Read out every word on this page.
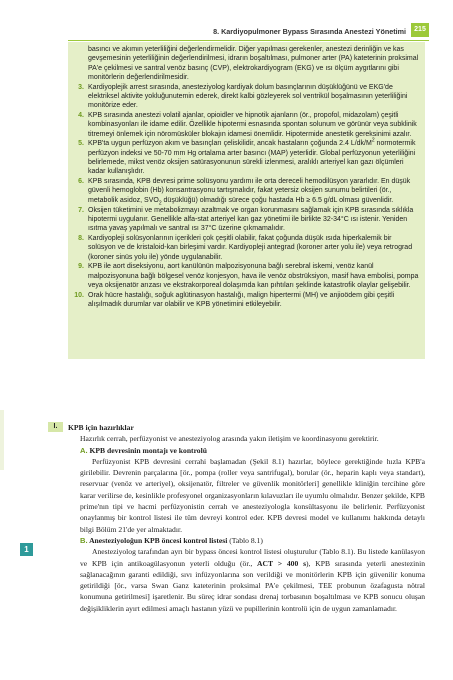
8. Kardiyopulmoner Bypass Sırasında Anestezi Yönetimi	215
basıncı ve akımın yeterliliğini değerlendirmelidir. Diğer yapılması gerekenler, anestezi derinliğin ve kas gevşemesinin yeterliliğinin değerlendirilmesi, idrarın boşaltılması, pulmoner arter (PA) kateterinin proksimal PA'e çekilmesi ve santral venöz basınç (CVP), elektrokardiyogram (EKG) ve ısı ölçüm aygıtlarını gibi monitörlerin değerlendirilmesidir.
3. Kardiyoplejik arrest sırasında, anesteziyolog kardiyak dolum basınçlarının düşüklüğünü ve EKG'de elektriksel aktivite yokluğunutemin ederek, direkt kalbi gözleyerek sol ventrikül boşalmasının yeterliliğini monitörize eder.
4. KPB sırasında anestezi volatil ajanlar, opioidler ve hipnotik ajanların (ör., propofol, midazolam) çeşitli kombinasyonları ile idame edilir. Özellikle hipotermi esnasında spontan solunum ve görünür veya subklinik titremeyi önlemek için nöromüsküler blokajın idamesi önemlidir. Hipotermide anestetik gereksinimi azalır.
5. KPB'ta uygun perfüzyon akım ve basınçları çeliskilidir, ancak hastaların çoğunda 2.4 $L/dk/M^2$ normotermik perfüzyon indeksi ve 50-70 mm Hg ortalama arter basıncı (MAP) yeterlidir. Global perfüzyonun yeterliliğini belirlemede, mikst venöz oksijen satürasyonunun sürekli izlenmesi, aralıklı arteriyel kan gazı ölçümleri kadar kullanışlıdır.
6. KPB sırasında, KPB devresi prime solüsyonu yardımı ile orta dereceli hemodilüsyon yararlıdır. En düşük güvenli hemoglobin (Hb) konsantrasyonu tartışmalıdır, fakat yetersiz oksijen sunumu belirtileri (ör., metabolik asidoz, $SVO_2$ düşüklüğü) olmadığı sürece çoğu hastada Hb ≥ 6.5 g/dL olması güvenlidir.
7. Oksijen tüketimini ve metabolizmayı azaltmak ve organ korunmasını sağlamak için KPB sırasında sıklıkla hipotermi uygulanır. Genellikle alfa-stat arteriyel kan gaz yönetimi ile birlikte 32-34°C ısı istenir. Yeniden ısıtma yavaş yapılmalı ve santral ısı 37°C üzerine çıkmamalıdır.
8. Kardiyopleji solüsyonlarının içerikleri çok çeşitli olabilir, fakat çoğunda düşük ısıda hiperkalemik bir solüsyon ve de kristaloid-kan birleşimi vardır. Kardiyopleji antegrad (koroner arter yolu ile) veya retrograd (koroner sinüs yolu ile) yönde uygulanabilir.
9. KPB ile aort diseksiyonu, aort kanülünün malpozisyonuna bağlı serebral iskemi, venöz kanül malpozisyonuna bağlı bölgesel venöz konjesyon, hava ile venöz obstrüksiyon, masif hava embolisi, pompa veya oksijenatör arızası ve ekstrakorporeal dolaşımda kan pıhtıları şeklinde katastrofik olaylar gelişebilir.
10. Orak hücre hastalığı, soğuk aglütinasyon hastalığı, malign hipertermi (MH) ve anjioödem gibi çeşitli alışılmadık durumlar var olabilir ve KPB yönetimini etkileyebilir.
I.	KPB için hazırlıklar
Hazırlık cerrah, perfüzyonist ve anesteziyolog arasında yakın iletişim ve koordinasyonu gerektirir.
A. KPB devresinin montajı ve kontrolü
Perfüzyonist KPB devresini cerrahi başlamadan (Şekil 8.1) hazırlar, böylece gerektiğinde hızla KPB'a girilebilir. Devrenin parçalarına [ör., pompa (roller veya santrifugal), borular (ör., heparin kaplı veya standart), reservuar (venöz ve arteriyel), oksijenatör, filtreler ve güvenlik monitörleri] genellikle kliniğin tercihine göre karar verilirse de, kesinlikle profesyonel organizasyonların kılavuzları ile uyumlu olmalıdır. Benzer şekilde, KPB prime'nın tipi ve hacmi perfüzyonistin cerrah ve anesteziyologla konsültasyonu ile belirlenir. Perfüzyonist onaylanmış bir kontrol listesi ile tüm devreyi kontrol eder. KPB devresi model ve kullanımı hakkında detaylı bilgi Bölüm 21'de yer almaktadır.
B. Anesteziyoloğun KPB öncesi kontrol listesi (Tablo 8.1)
Anesteziyolog tarafından ayrı bir bypass öncesi kontrol listesi oluşturulur (Tablo 8.1). Bu listede kanülasyon ve KPB için antikoagülasyonun yeterli olduğu (ör., ACT > 400 s), KPB sırasında yeterli anestezinin sağlanacağının garanti edildiği, sıvı infüzyonlarına son verildiği ve monitörlerin KPB için güvenilir konuma getirildiği [ör., varsa Swan Ganz kateterinin proksimal PA'e çekilmesi, TEE probunun özafagusta nötral konumuna getirilmesi] işaretlenir. Bu süreç idrar sondası drenaj torbasının boşaltılması ve KPB sonucu oluşan değişikliklerin ayırt edilmesi amaçlı hastanın yüzü ve pupillerinin kontrolü için de uygun zamanlamadır.
1
